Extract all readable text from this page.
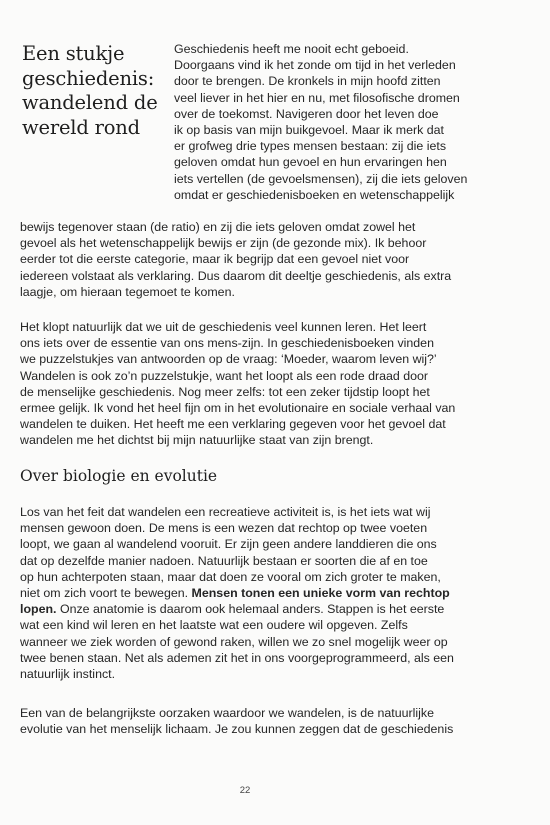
Een stukje
geschiedenis:
wandelend de
wereld rond

Geschiedenis heeft me nooit echt geboeid.
Doorgaans vind ik het zonde om tijd in het verleden
door te brengen. De kronkels in mijn hoofd zitten
veel liever in het hier en nu, met filosofische dromen
over de toekomst. Navigeren door het leven doe
ik op basis van mijn buikgevoel. Maar ik merk dat
er grofweg drie types mensen bestaan: zij die iets
geloven omdat hun gevoel en hun ervaringen hen
iets vertellen (de gevoelsmensen), zij die iets geloven
omdat er geschiedenisboeken en wetenschappelijk

bewijs tegenover staan (de ratio) en zij die iets geloven omdat zowel het
gevoel als het wetenschappelijk bewijs er zijn (de gezonde mix). Ik behoor
eerder tot die eerste categorie, maar ik begrijp dat een gevoel niet voor
iedereen volstaat als verklaring. Dus daarom dit deeltje geschiedenis, als extra
laagje, om hieraan tegemoet te komen.

Het klopt natuurlijk dat we uit de geschiedenis veel kunnen leren. Het leert
ons iets over de essentie van ons mens-zijn. In geschiedenisboeken vinden
we puzzelstukjes van antwoorden op de vraag: ‘Moeder, waarom leven wij?’
Wandelen is ook zo’n puzzelstukje, want het loopt als een rode draad door
de menselijke geschiedenis. Nog meer zelfs: tot een zeker tijdstip loopt het
ermee gelijk. Ik vond het heel fijn om in het evolutionaire en sociale verhaal van
wandelen te duiken. Het heeft me een verklaring gegeven voor het gevoel dat
wandelen me het dichtst bij mijn natuurlijke staat van zijn brengt.

Over biologie en evolutie

Los van het feit dat wandelen een recreatieve activiteit is, is het iets wat wij
mensen gewoon doen. De mens is een wezen dat rechtop op twee voeten
loopt, we gaan al wandelend vooruit. Er zijn geen andere landdieren die ons
dat op dezelfde manier nadoen. Natuurlijk bestaan er soorten die af en toe
op hun achterpoten staan, maar dat doen ze vooral om zich groter te maken,
niet om zich voort te bewegen. Mensen tonen een unieke vorm van rechtop
lopen. Onze anatomie is daarom ook helemaal anders. Stappen is het eerste
wat een kind wil leren en het laatste wat een oudere wil opgeven. Zelfs
wanneer we ziek worden of gewond raken, willen we zo snel mogelijk weer op
twee benen staan. Net als ademen zit het in ons voorgeprogrammeerd, als een
natuurlijk instinct.

Een van de belangrijkste oorzaken waardoor we wandelen, is de natuurlijke
evolutie van het menselijk lichaam. Je zou kunnen zeggen dat de geschiedenis

22
